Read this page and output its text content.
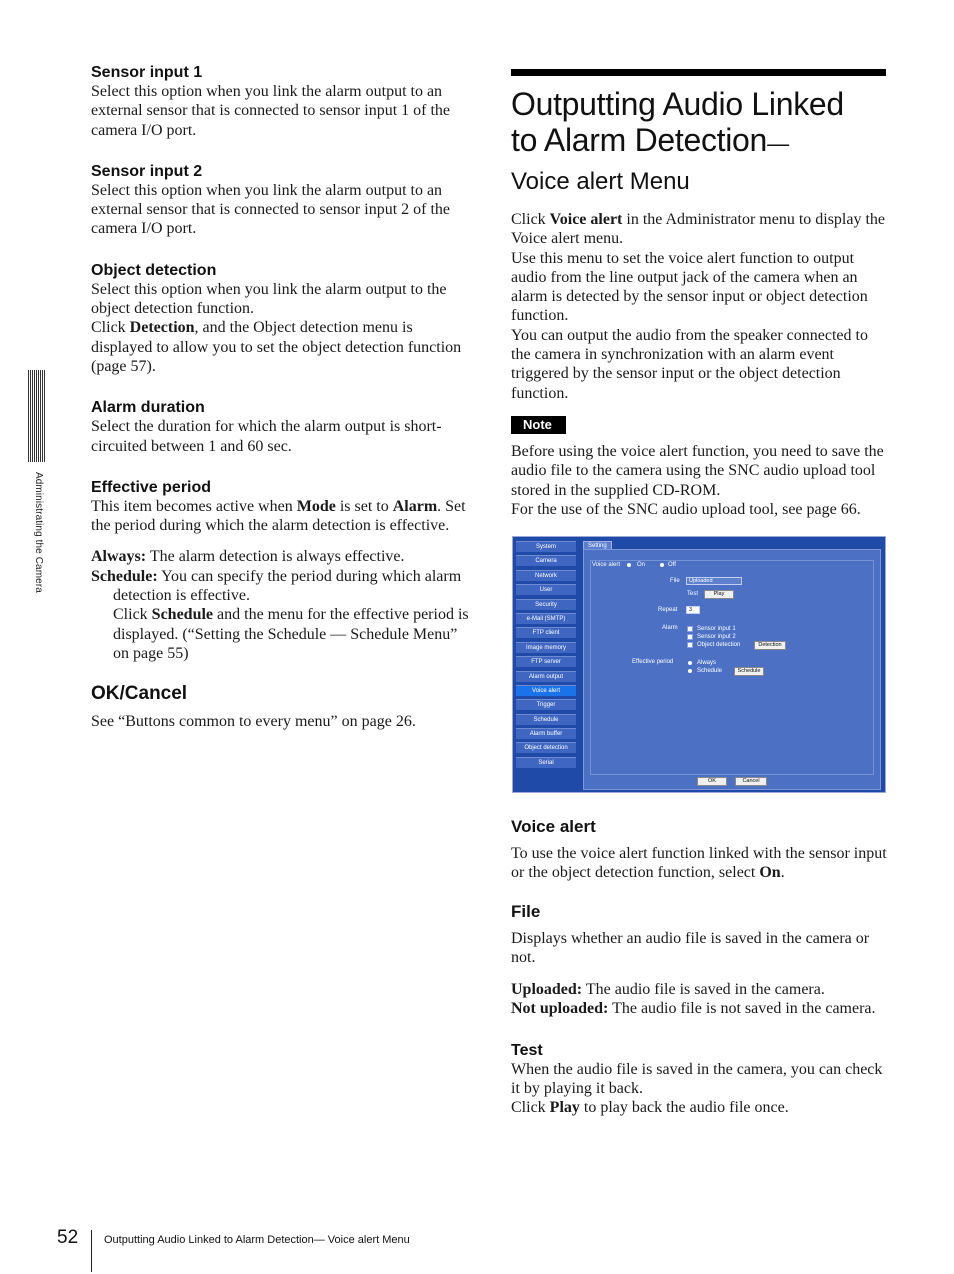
Sensor input 1

Select this option when you link the alarm output to an external sensor that is connected to sensor input 1 of the camera I/O port.

Sensor input 2

Select this option when you link the alarm output to an external sensor that is connected to sensor input 2 of the camera I/O port.

Object detection

Select this option when you link the alarm output to the object detection function.

Click Detection, and the Object detection menu is displayed to allow you to set the object detection function (page 57).

Alarm duration

Select the duration for which the alarm output is short-circuited between 1 and 60 sec.

Effective period

This item becomes active when Mode is set to Alarm. Set the period during which the alarm detection is effective.

Always: The alarm detection is always effective.

Schedule: You can specify the period during which alarm detection is effective.

Click Schedule and the menu for the effective period is displayed. (“Setting the Schedule — Schedule Menu” on page 55)

OK/Cancel

See “Buttons common to every menu” on page 26.

Outputting Audio Linked
to Alarm Detection—
Voice alert Menu

Click Voice alert in the Administrator menu to display the Voice alert menu.

Use this menu to set the voice alert function to output audio from the line output jack of the camera when an alarm is detected by the sensor input or object detection function.

You can output the audio from the speaker connected to the camera in synchronization with an alarm event triggered by the sensor input or the object detection function.

Note

Before using the voice alert function, you need to save the audio file to the camera using the SNC audio upload tool stored in the supplied CD-ROM.

For the use of the SNC audio upload tool, see page 66.

System
Camera
Network
User
Security
e-Mail (SMTP)
FTP client
Image memory
FTP server
Alarm output
Voice alert
Trigger
Schedule
Alarm buffer
Object detection
Serial
Setting
Voice alert	On	Off
File	Uploaded
Test	Play
Repeat	3
Alarm	Sensor input 1
Sensor input 2
Object detection	Detection
Effective period	Always
Schedule	Schedule
OK	Cancel
Voice alert

To use the voice alert function linked with the sensor input or the object detection function, select On.

File

Displays whether an audio file is saved in the camera or not.

Uploaded: The audio file is saved in the camera.

Not uploaded: The audio file is not saved in the camera.

Test

When the audio file is saved in the camera, you can check it by playing it back.

Click Play to play back the audio file once.

Administrating the Camera
52 Outputting Audio Linked to Alarm Detection— Voice alert Menu
